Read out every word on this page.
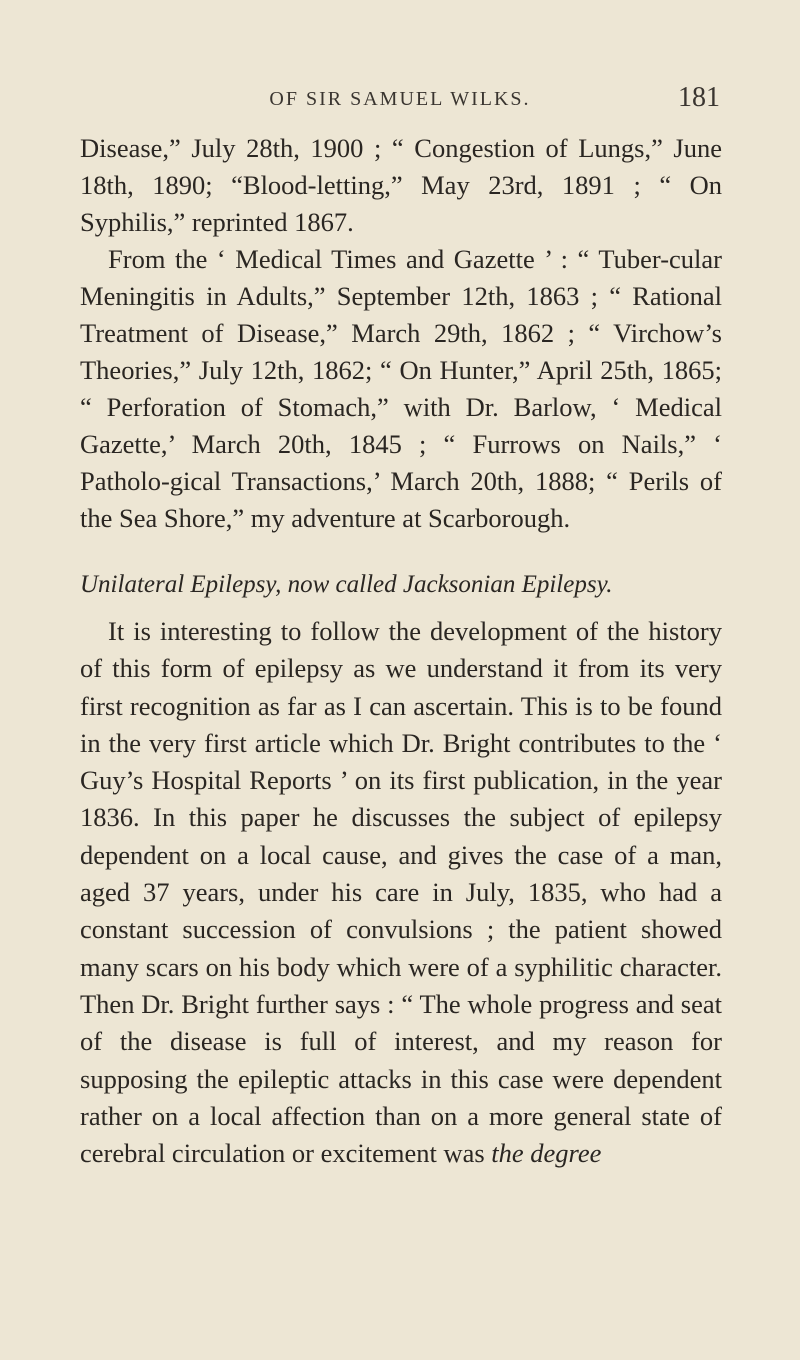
OF SIR SAMUEL WILKS.	181

Disease,” July 28th, 1900 ; “ Congestion of Lungs,” June 18th, 1890; “Blood-letting,” May 23rd, 1891 ; “ On Syphilis,” reprinted 1867.

From the ‘ Medical Times and Gazette ’ : “ Tuber-cular Meningitis in Adults,” September 12th, 1863 ; “ Rational Treatment of Disease,” March 29th, 1862 ; “ Virchow’s Theories,” July 12th, 1862; “ On Hunter,” April 25th, 1865; “ Perforation of Stomach,” with Dr. Barlow, ‘ Medical Gazette,’ March 20th, 1845 ; “ Furrows on Nails,” ‘ Patholo-gical Transactions,’ March 20th, 1888; “ Perils of the Sea Shore,” my adventure at Scarborough.

Unilateral Epilepsy, now called Jacksonian Epilepsy.

It is interesting to follow the development of the history of this form of epilepsy as we understand it from its very first recognition as far as I can ascertain. This is to be found in the very first article which Dr. Bright contributes to the ‘ Guy’s Hospital Reports ’ on its first publication, in the year 1836. In this paper he discusses the subject of epilepsy dependent on a local cause, and gives the case of a man, aged 37 years, under his care in July, 1835, who had a constant succession of convulsions ; the patient showed many scars on his body which were of a syphilitic character. Then Dr. Bright further says : “ The whole progress and seat of the disease is full of interest, and my reason for supposing the epileptic attacks in this case were dependent rather on a local affection than on a more general state of cerebral circulation or excitement was the degree
